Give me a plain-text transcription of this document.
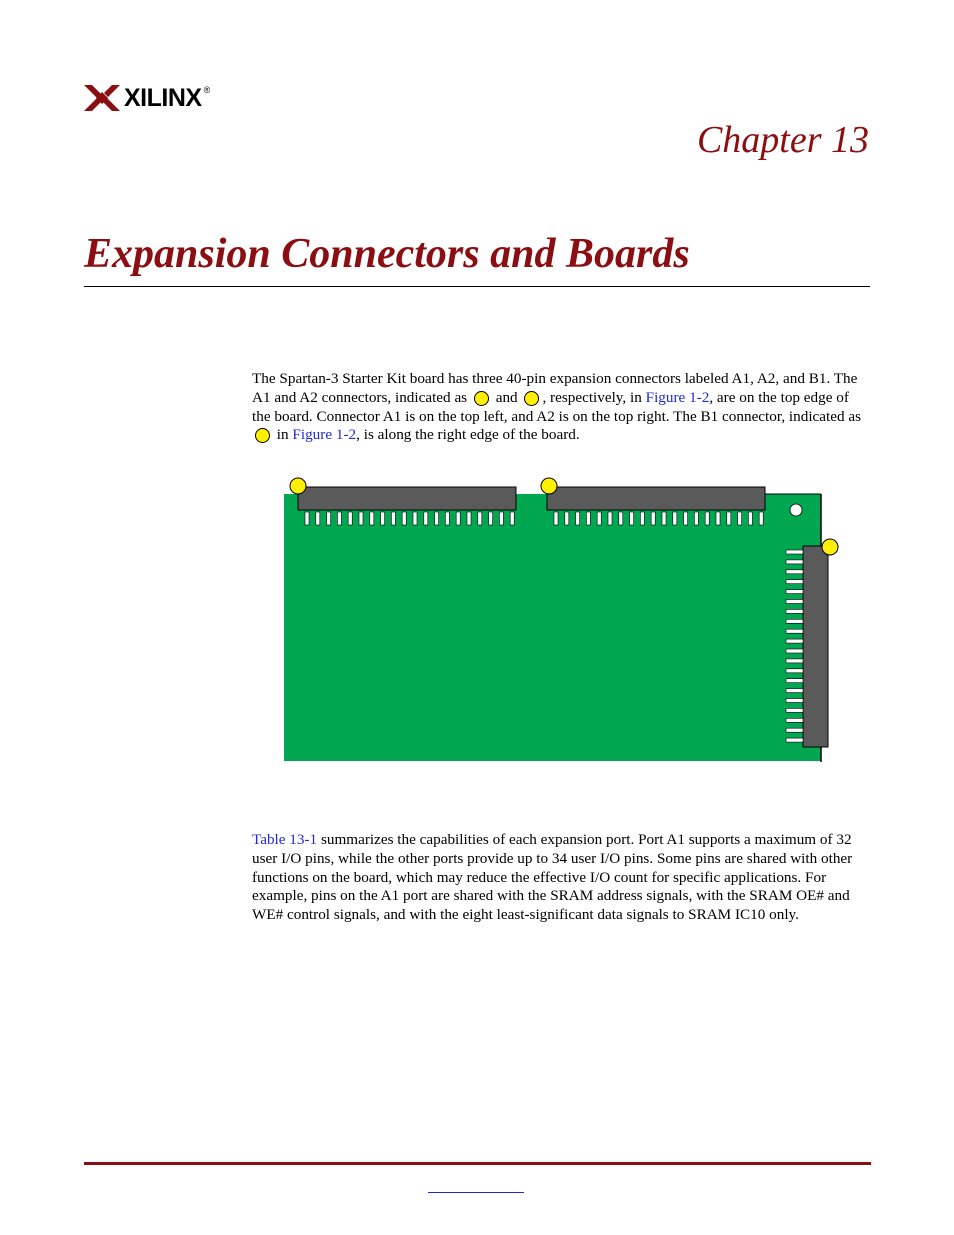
XILINX ®
Chapter 13
Expansion Connectors and Boards
The Spartan-3 Starter Kit board has three 40-pin expansion connectors labeled A1, A2, and B1. The A1 and A2 connectors, indicated as and , respectively, in Figure 1-2, are on the top edge of the board. Connector A1 is on the top left, and A2 is on the top right. The B1 connector, indicated as  in Figure 1-2, is along the right edge of the board.
Table 13-1 summarizes the capabilities of each expansion port. Port A1 supports a maximum of 32 user I/O pins, while the other ports provide up to 34 user I/O pins. Some pins are shared with other functions on the board, which may reduce the effective I/O count for specific applications. For example, pins on the A1 port are shared with the SRAM address signals, with the SRAM OE# and WE# control signals, and with the eight least-significant data signals to SRAM IC10 only.
